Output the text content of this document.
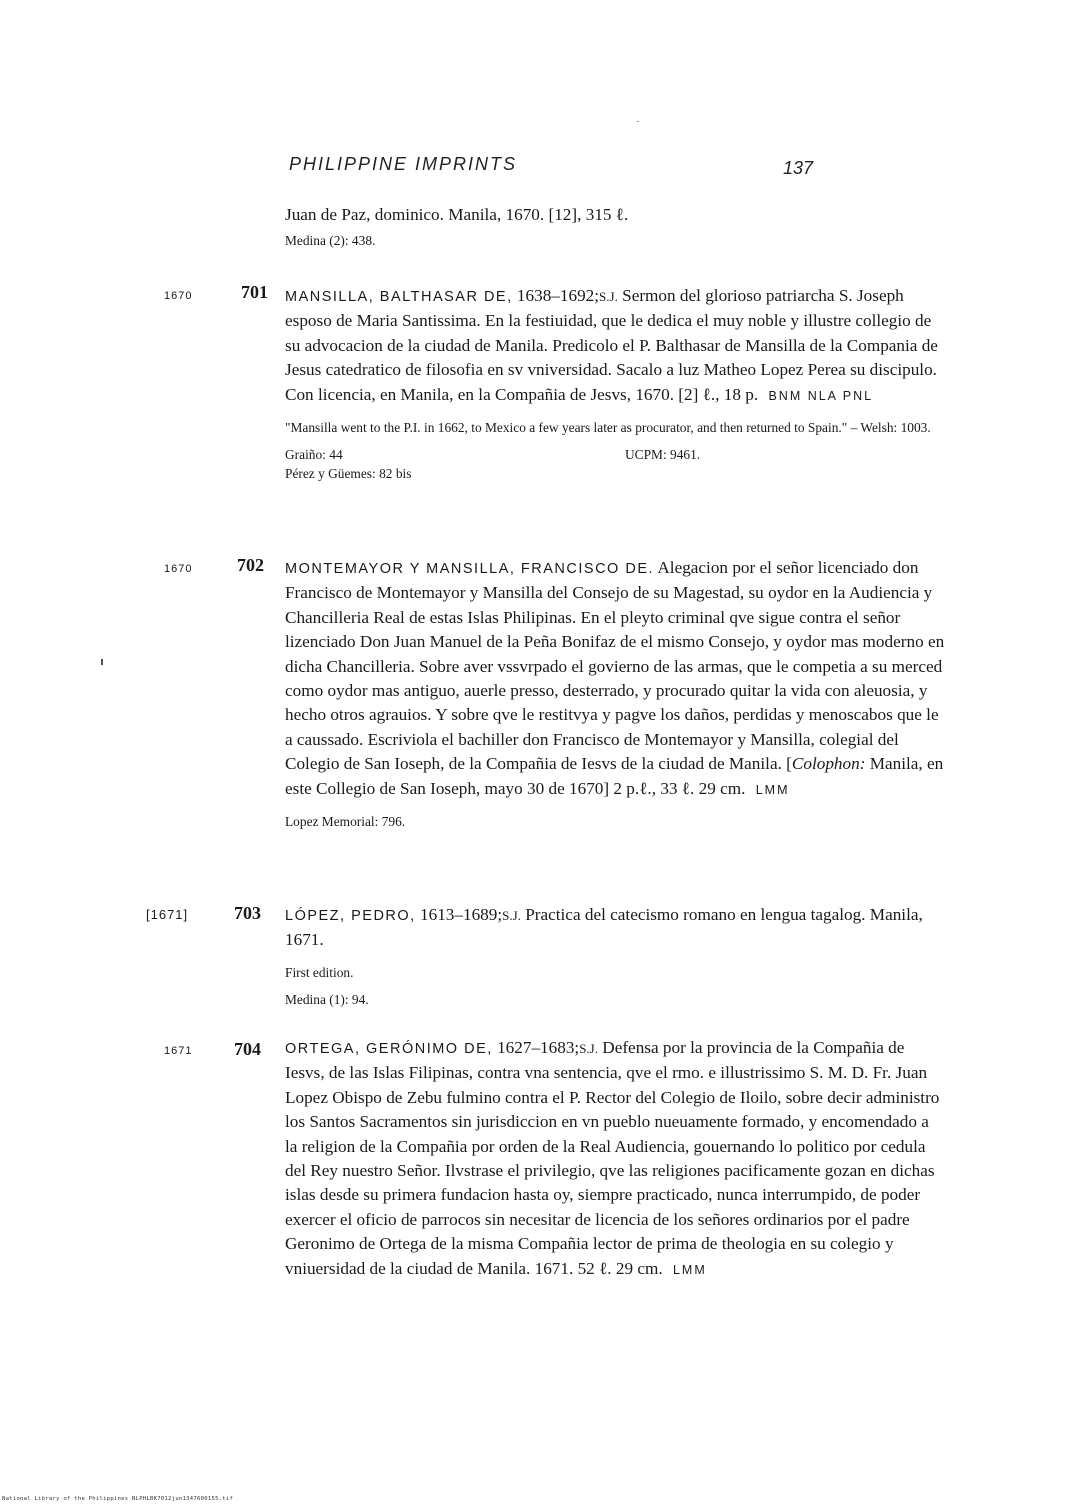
PHILIPPINE IMPRINTS	137
Juan de Paz, dominico. Manila, 1670. [12], 315 ℓ.
Medina (2): 438.
1670	701 MANSILLA, BALTHASAR DE, 1638–1692;S.J. Sermon del glorioso patriarcha S. Joseph esposo de Maria Santissima. En la festiuidad, que le dedica el muy noble y illustre collegio de su advocacion de la ciudad de Manila. Predicolo el P. Balthasar de Mansilla de la Compania de Jesus catedratico de filosofia en sv vniversidad. Sacalo a luz Matheo Lopez Perea su discipulo. Con licencia, en Manila, en la Compañia de Jesvs, 1670. [2] ℓ., 18 p. BNM NLA PNL
"Mansilla went to the P.I. in 1662, to Mexico a few years later as procurator, and then returned to Spain." – Welsh: 1003.
Graiño: 44
Pérez y Güemes: 82 bis
UCPM: 9461.
1670 702 MONTEMAYOR Y MANSILLA, FRANCISCO DE. Alegacion por el señor licenciado don Francisco de Montemayor y Mansilla del Consejo de su Magestad, su oydor en la Audiencia y Chancilleria Real de estas Islas Philipinas. En el pleyto criminal qve sigue contra el señor lizenciado Don Juan Manuel de la Peña Bonifaz de el mismo Consejo, y oydor mas moderno en dicha Chancilleria. Sobre aver vssvrpado el govierno de las armas, que le competia a su merced como oydor mas antiguo, auerle presso, desterrado, y procurado quitar la vida con aleuosia, y hecho otros agrauios. Y sobre qve le restitvya y pagve los daños, perdidas y menoscabos que le a caussado. Escriviola el bachiller don Francisco de Montemayor y Mansilla, colegial del Colegio de San Ioseph, de la Compañia de Iesvs de la ciudad de Manila. [Colophon: Manila, en este Collegio de San Ioseph, mayo 30 de 1670] 2 p.ℓ., 33 ℓ. 29 cm. LMM
Lopez Memorial: 796.
[1671]	703 LÓPEZ, PEDRO, 1613–1689;S.J. Practica del catecismo romano en lengua tagalog. Manila, 1671.
First edition.
Medina (1): 94.
1671 704 ORTEGA, GERÓNIMO DE, 1627–1683;S.J. Defensa por la provincia de la Compañia de Iesvs, de las Islas Filipinas, contra vna sentencia, qve el rmo. e illustrissimo S. M. D. Fr. Juan Lopez Obispo de Zebu fulmino contra el P. Rector del Colegio de Iloilo, sobre decir administro los Santos Sacramentos sin jurisdiccion en vn pueblo nueuamente formado, y encomendado a la religion de la Compañia por orden de la Real Audiencia, gouernando lo politico por cedula del Rey nuestro Señor. Ilvstrase el privilegio, qve las religiones pacificamente gozan en dichas islas desde su primera fundacion hasta oy, siempre practicado, nunca interrumpido, de poder exercer el oficio de parrocos sin necesitar de licencia de los señores ordinarios por el padre Geronimo de Ortega de la misma Compañia lector de prima de theologia en su colegio y vniuersidad de la ciudad de Manila. 1671. 52 ℓ. 29 cm. LMM
National Library of the Philippines NLPHLBK7012jun1347600155.tif
